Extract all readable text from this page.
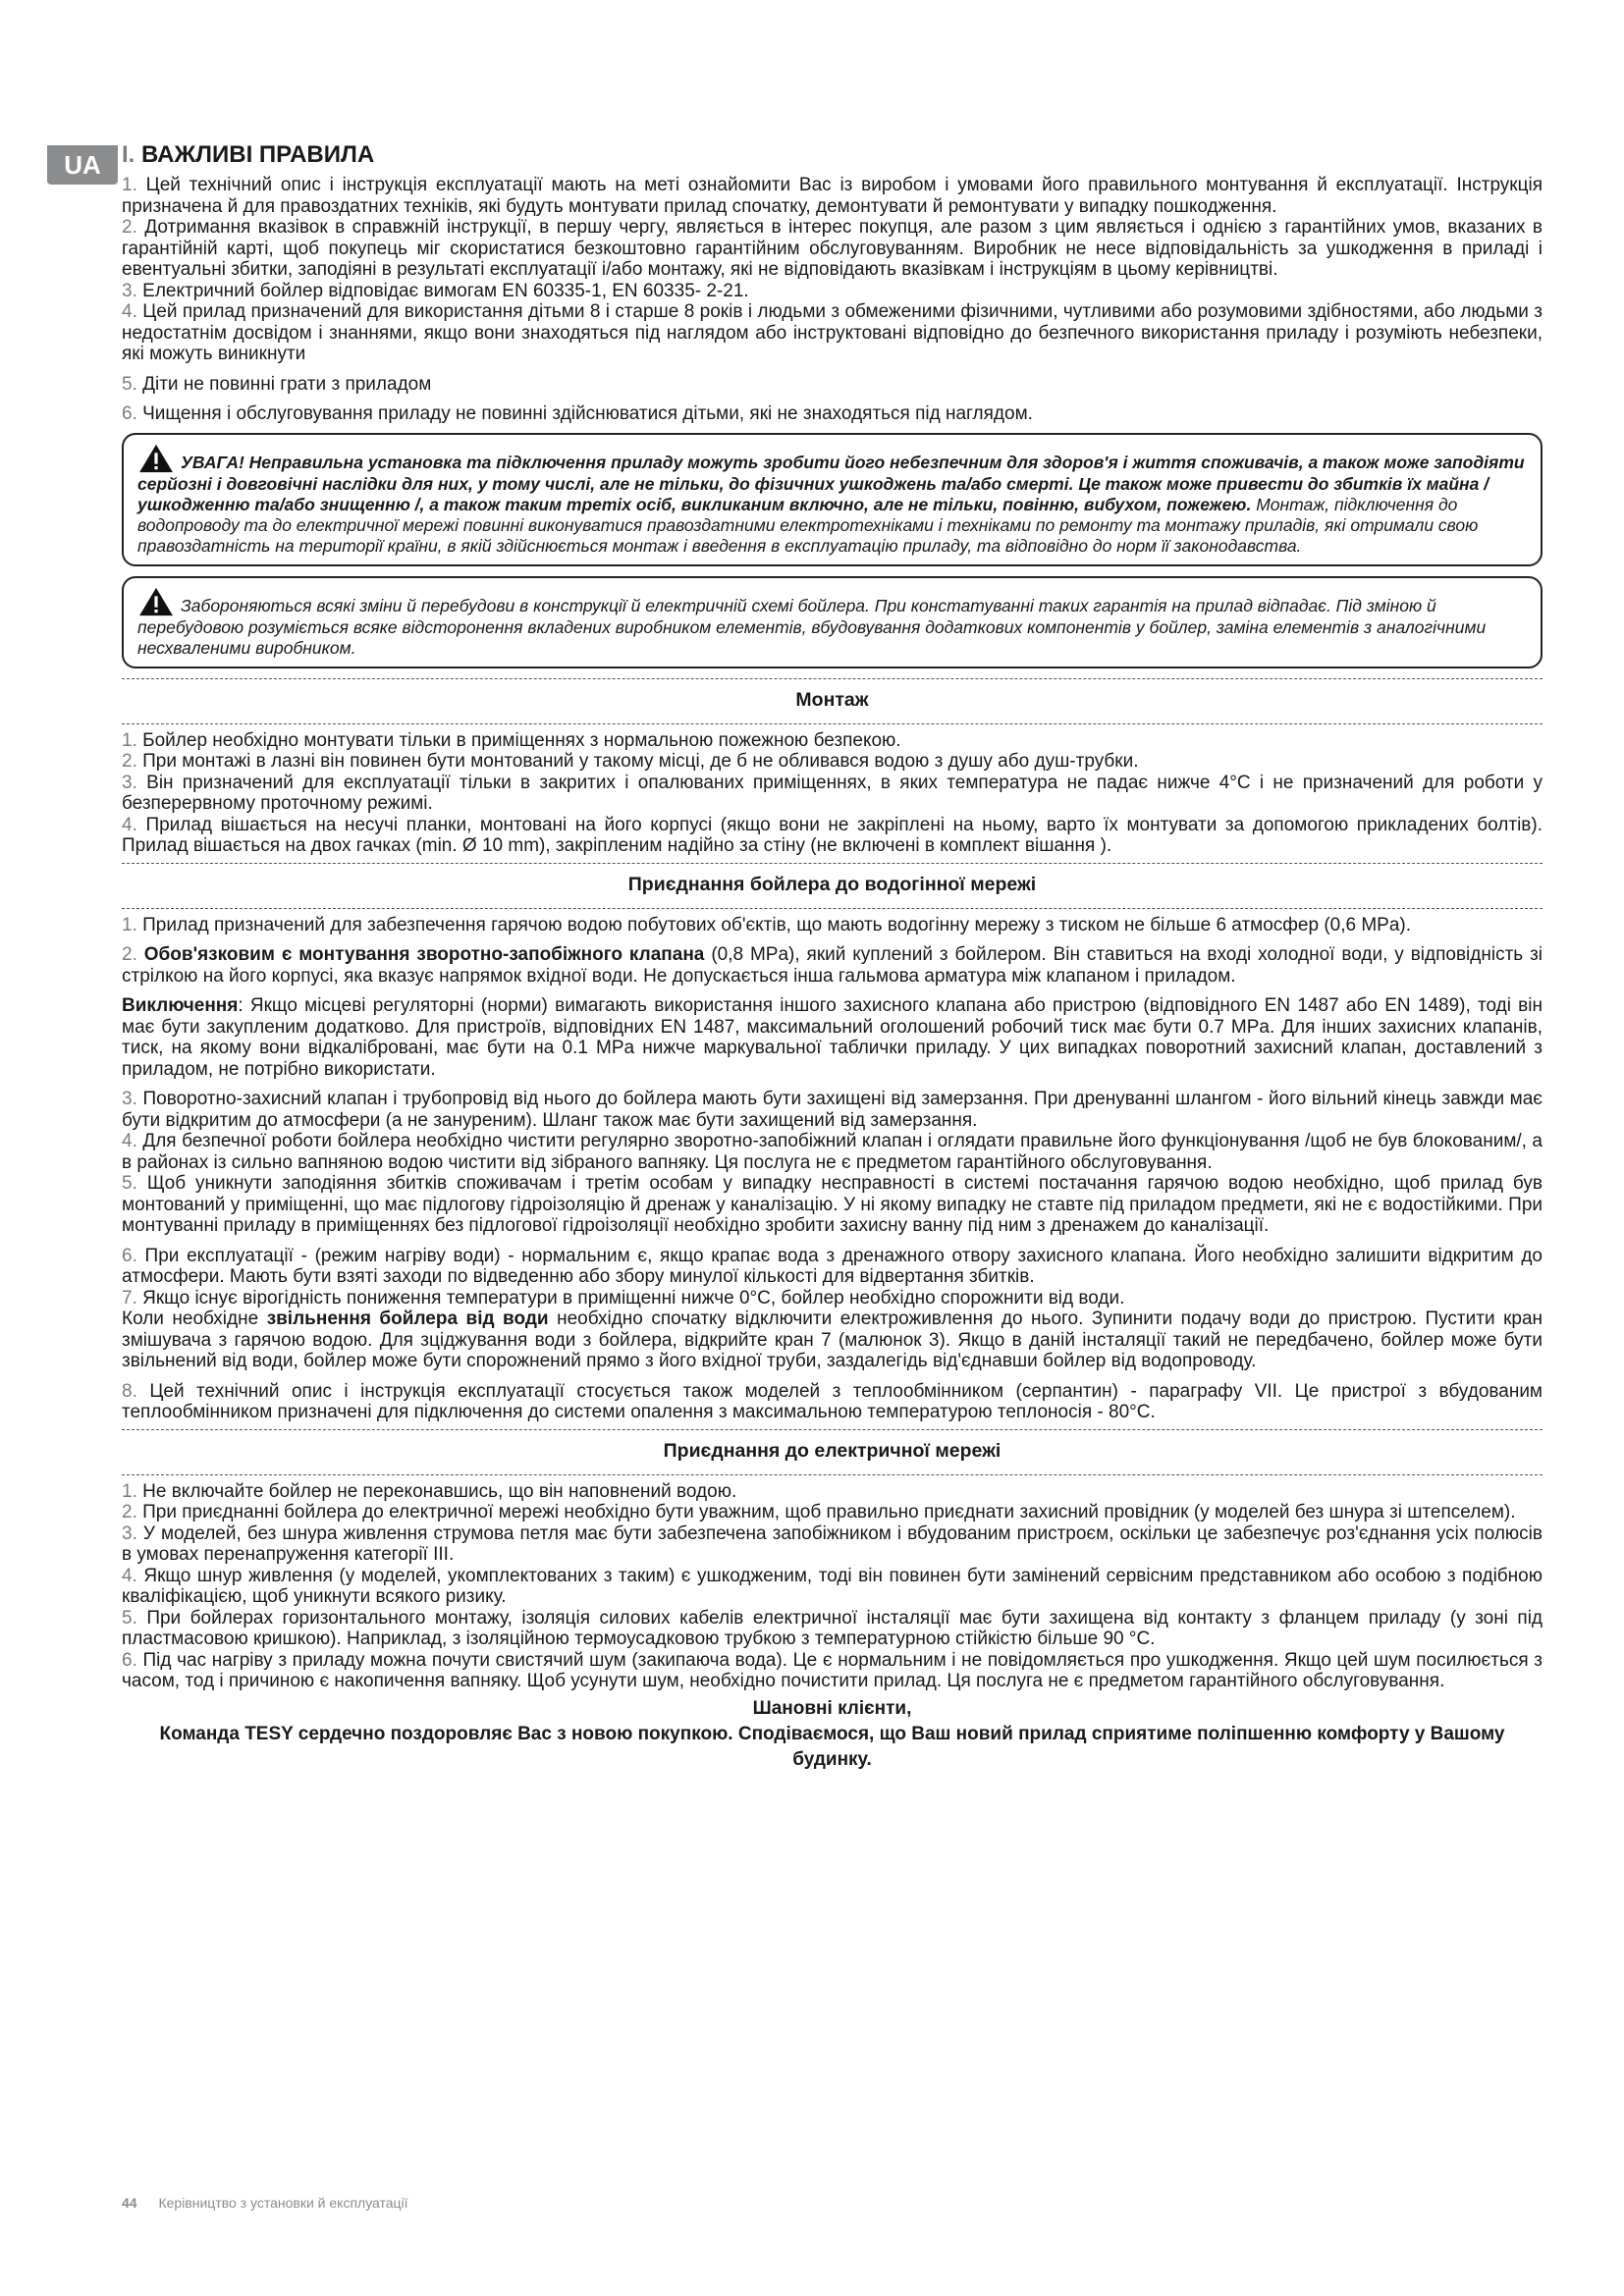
UA I. ВАЖЛИВІ ПРАВИЛА

1. Цей технічний опис і інструкція експлуатації мають на меті ознайомити Вас із виробом і умовами його правильного монтування й експлуатації. Інструкція призначена й для правоздатних техніків, які будуть монтувати прилад спочатку, демонтувати й ремонтувати у випадку пошкодження.

2. Дотримання вказівок в справжній інструкції, в першу чергу, являється в інтерес покупця, але разом з цим являється і однією з гарантійних умов, вказаних в гарантійній карті, щоб покупець міг скористатися безкоштовно гарантійним обслуговуванням. Виробник не несе відповідальність за ушкодження в приладі і евентуальні збитки, заподіяні в результаті експлуатації і/або монтажу, які не відповідають вказівкам і інструкціям в цьому керівництві.

3. Електричний бойлер відповідає вимогам EN 60335-1, EN 60335- 2-21.

4. Цей прилад призначений для використання дітьми 8 і старше 8 років і людьми з обмеженими фізичними, чутливими або розумовими здібностями, або людьми з недостатнім досвідом і знаннями, якщо вони знаходяться під наглядом або інструктовані відповідно до безпечного використання приладу і розуміють небезпеки, які можуть виникнути

5. Діти не повинні грати з приладом

6. Чищення і обслуговування приладу не повинні здійснюватися дітьми, які не знаходяться під наглядом.

УВАГА! Неправильна установка та підключення приладу можуть зробити його небезпечним для здоров'я і життя споживачів, а також може заподіяти серйозні і довговічні наслідки для них, у тому числі, але не тільки, до фізичних ушкоджень та/або смерті. Це також може привести до збитків їх майна /ушкодженню та/або знищенню /, а також таким третіх осіб, викликаним включно, але не тільки, повінню, вибухом, пожежею. Монтаж, підключення до водопроводу та до електричної мережі повинні виконуватися правоздатними електротехніками і техніками по ремонту та монтажу приладів, які отримали свою правоздатність на території країни, в якій здійснюється монтаж і введення в експлуатацію приладу, та відповідно до норм її законодавства.
Забороняються всякі зміни й перебудови в конструкції й електричній схемі бойлера. При констатуванні таких гарантія на прилад відпадає. Під зміною й перебудовою розуміється всяке відсторонення вкладених виробником елементів, вбудовування додаткових компонентів у бойлер, заміна елементів з аналогічними несхваленими виробником.
Монтаж

1. Бойлер необхідно монтувати тільки в приміщеннях з нормальною пожежною безпекою.

2. При монтажі в лазні він повинен бути монтований у такому місці, де б не обливався водою з душу або душ-трубки.

3. Він призначений для експлуатації тільки в закритих і опалюваних приміщеннях, в яких температура не падає нижче 4°С і не призначений для роботи у безперервному проточному режимі.

4. Прилад вішається на несучі планки, монтовані на його корпусі (якщо вони не закріплені на ньому, варто їх монтувати за допомогою прикладених болтів). Прилад вішається на двох гачках (min. Ø 10 mm), закріпленим надійно за стіну (не включені в комплект вішання ).

Приєднання бойлера до водогінної мережі

1. Прилад призначений для забезпечення гарячою водою побутових об'єктів, що мають водогінну мережу з тиском не більше 6 атмосфер (0,6 MPa).

2. Обов'язковим є монтування зворотно-запобіжного клапана (0,8 MPa), який куплений з бойлером. Він ставиться на вході холодної води, у відповідність зі стрілкою на його корпусі, яка вказує напрямок вхідної води. Не допускається інша гальмова арматура між клапаном і приладом.

Виключення: Якщо місцеві регуляторні (норми) вимагають використання іншого захисного клапана або пристрою (відповідного EN 1487 або EN 1489), тоді він має бути закупленим додатково. Для пристроїв, відповідних EN 1487, максимальний оголошений робочий тиск має бути 0.7 MPa. Для інших захисних клапанів, тиск, на якому вони відкалібровані, має бути на 0.1 MPa нижче маркувальної таблички приладу. У цих випадках поворотний захисний клапан, доставлений з приладом, не потрібно використати.

3. Поворотно-захисний клапан і трубопровід від нього до бойлера мають бути захищені від замерзання. При дренуванні шлангом - його вільний кінець завжди має бути відкритим до атмосфери (а не зануреним). Шланг також має бути захищений від замерзання.

4. Для безпечної роботи бойлера необхідно чистити регулярно зворотно-запобіжний клапан і оглядати правильне його функціонування /щоб не був блокованим/, а в районах із сильно вапняною водою чистити від зібраного вапняку. Ця послуга не є предметом гарантійного обслуговування.

5. Щоб уникнути заподіяння збитків споживачам і третім особам у випадку несправності в системі постачання гарячою водою необхідно, щоб прилад був монтований у приміщенні, що має підлогову гідроізоляцію й дренаж у каналізацію. У ні якому випадку не ставте під приладом предмети, які не є водостійкими. При монтуванні приладу в приміщеннях без підлогової гідроізоляції необхідно зробити захисну ванну під ним з дренажем до каналізації.

6. При експлуатації - (режим нагріву води) - нормальним є, якщо крапає вода з дренажного отвору захисного клапана. Його необхідно залишити відкритим до атмосфери. Мають бути взяті заходи по відведенню або збору минулої кількості для відвертання збитків.

7. Якщо існує вірогідність пониження температури в приміщенні нижче 0°С, бойлер необхідно спорожнити від води.

Коли необхідне звільнення бойлера від води необхідно спочатку відключити електроживлення до нього. Зупинити подачу води до пристрою. Пустити кран змішувача з гарячою водою. Для зціджування води з бойлера, відкрийте кран 7 (малюнок 3). Якщо в даній інсталяції такий не передбачено, бойлер може бути звільнений від води, бойлер може бути спорожнений прямо з його вхідної труби, заздалегідь від'єднавши бойлер від водопроводу.

8. Цей технічний опис і інструкція експлуатації стосується також моделей з теплообмінником (серпантин) - параграфу VII. Це пристрої з вбудованим теплообмінником призначені для підключення до системи опалення з максимальною температурою теплоносія - 80°С.

Приєднання до електричної мережі

1. Не включайте бойлер не переконавшись, що він наповнений водою.

2. При приєднанні бойлера до електричної мережі необхідно бути уважним, щоб правильно приєднати захисний провідник (у моделей без шнура зі штепселем).

3. У моделей, без шнура живлення струмова петля має бути забезпечена запобіжником і вбудованим пристроєм, оскільки це забезпечує роз'єднання усіх полюсів в умовах перенапруження категорії III.

4. Якщо шнур живлення (у моделей, укомплектованих з таким) є ушкодженим, тоді він повинен бути замінений сервісним представником або особою з подібною кваліфікацією, щоб уникнути всякого ризику.

5. При бойлерах горизонтального монтажу, ізоляція силових кабелів електричної інсталяції має бути захищена від контакту з фланцем приладу (у зоні під пластмасовою кришкою). Наприклад, з ізоляційною термоусадковою трубкою з температурною стійкістю більше 90 °С.

6. Під час нагріву з приладу можна почути свистячий шум (закипаюча вода). Це є нормальним і не повідомляється про ушкодження. Якщо цей шум посилюється з часом, тод і причиною є накопичення вапняку. Щоб усунути шум, необхідно почистити прилад. Ця послуга не є предметом гарантійного обслуговування.

Шановні клієнти,
Команда TESY сердечно поздоровляє Вас з новою покупкою. Сподіваємося, що Ваш новий прилад сприятиме поліпшенню комфорту у Вашому будинку.
44 Керівництво з установки й експлуатації
